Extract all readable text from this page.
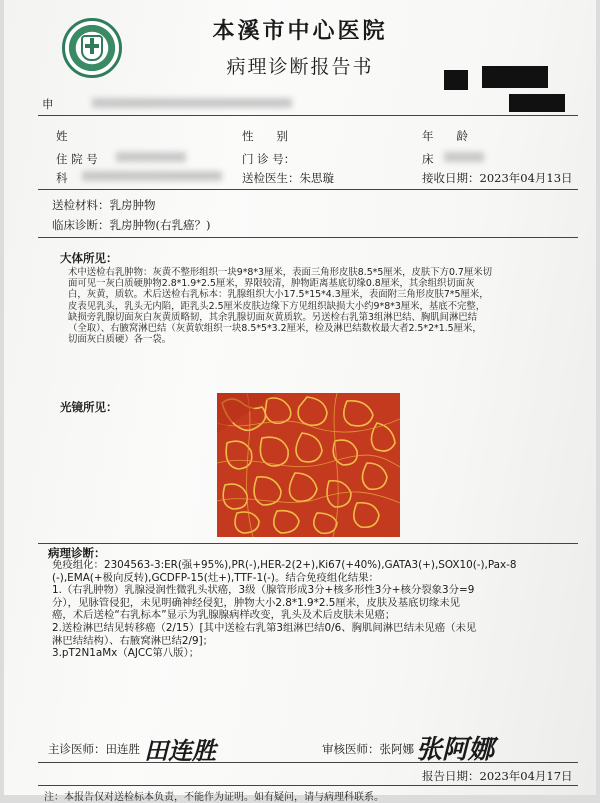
本溪市中心医院
病理诊断报告书
申
姓	性　　别	年　　龄
住 院 号	门 诊 号：	床
科	送检医生：朱思璇	接收日期：2023年04月13日
送检材料：乳房肿物
临床诊断：乳房肿物(右乳癌？)
大体所见：
术中送检右乳肿物：灰黄不整形组织一块9*8*3厘米，表面三角形皮肤8.5*5厘米，皮肤下方0.7厘米切
面可见一灰白质硬肿物2.8*1.9*2.5厘米，界限较清，肿物距离基底切缘0.8厘米，其余组织切面灰
白，灰黄，质软。术后送检右乳标本：乳腺组织大小17.5*15*4.3厘米，表面附三角形皮肤7*5厘米，
皮表见乳头，乳头无内陷，距乳头2.5厘米皮肤边缘下方见组织缺损大小约9*8*3厘米，基底不完整，
缺损旁乳腺切面灰白灰黄质略韧，其余乳腺切面灰黄质软。另送检右乳第3组淋巴结、胸肌间淋巴结
（全取）、右腋窝淋巴结（灰黄软组织一块8.5*5*3.2厘米，检及淋巴结数枚最大者2.5*2*1.5厘米，
切面灰白质硬）各一袋。
光镜所见：
病理诊断：
免疫组化：2304563-3:ER(强+95%),PR(-),HER-2(2+),Ki67(+40%),GATA3(+),SOX10(-),Pax-8
(-),EMA(+极向反转),GCDFP-15(灶+),TTF-1(-)。结合免疫组化结果：
1.（右乳肿物）乳腺浸润性微乳头状癌，3级（腺管形成3分+核多形性3分+核分裂象3分=9
分），见脉管侵犯，未见明确神经侵犯，肿物大小2.8*1.9*2.5厘米，皮肤及基底切缘未见
癌，术后送检“右乳标本”显示为乳腺腺病样改变，乳头及术后皮肤未见癌；
2.送检淋巴结见转移癌（2/15）[其中送检右乳第3组淋巴结0/6、胸肌间淋巴结未见癌（未见
淋巴结结构）、右腋窝淋巴结2/9]；
3.pT2N1aMx（AJCC第八版）；
主诊医师：田连胜 田连胜	审核医师：张阿娜 张阿娜
报告日期：2023年04月17日
注：本报告仅对送检标本负责，不能作为证明。如有疑问，请与病理科联系。
